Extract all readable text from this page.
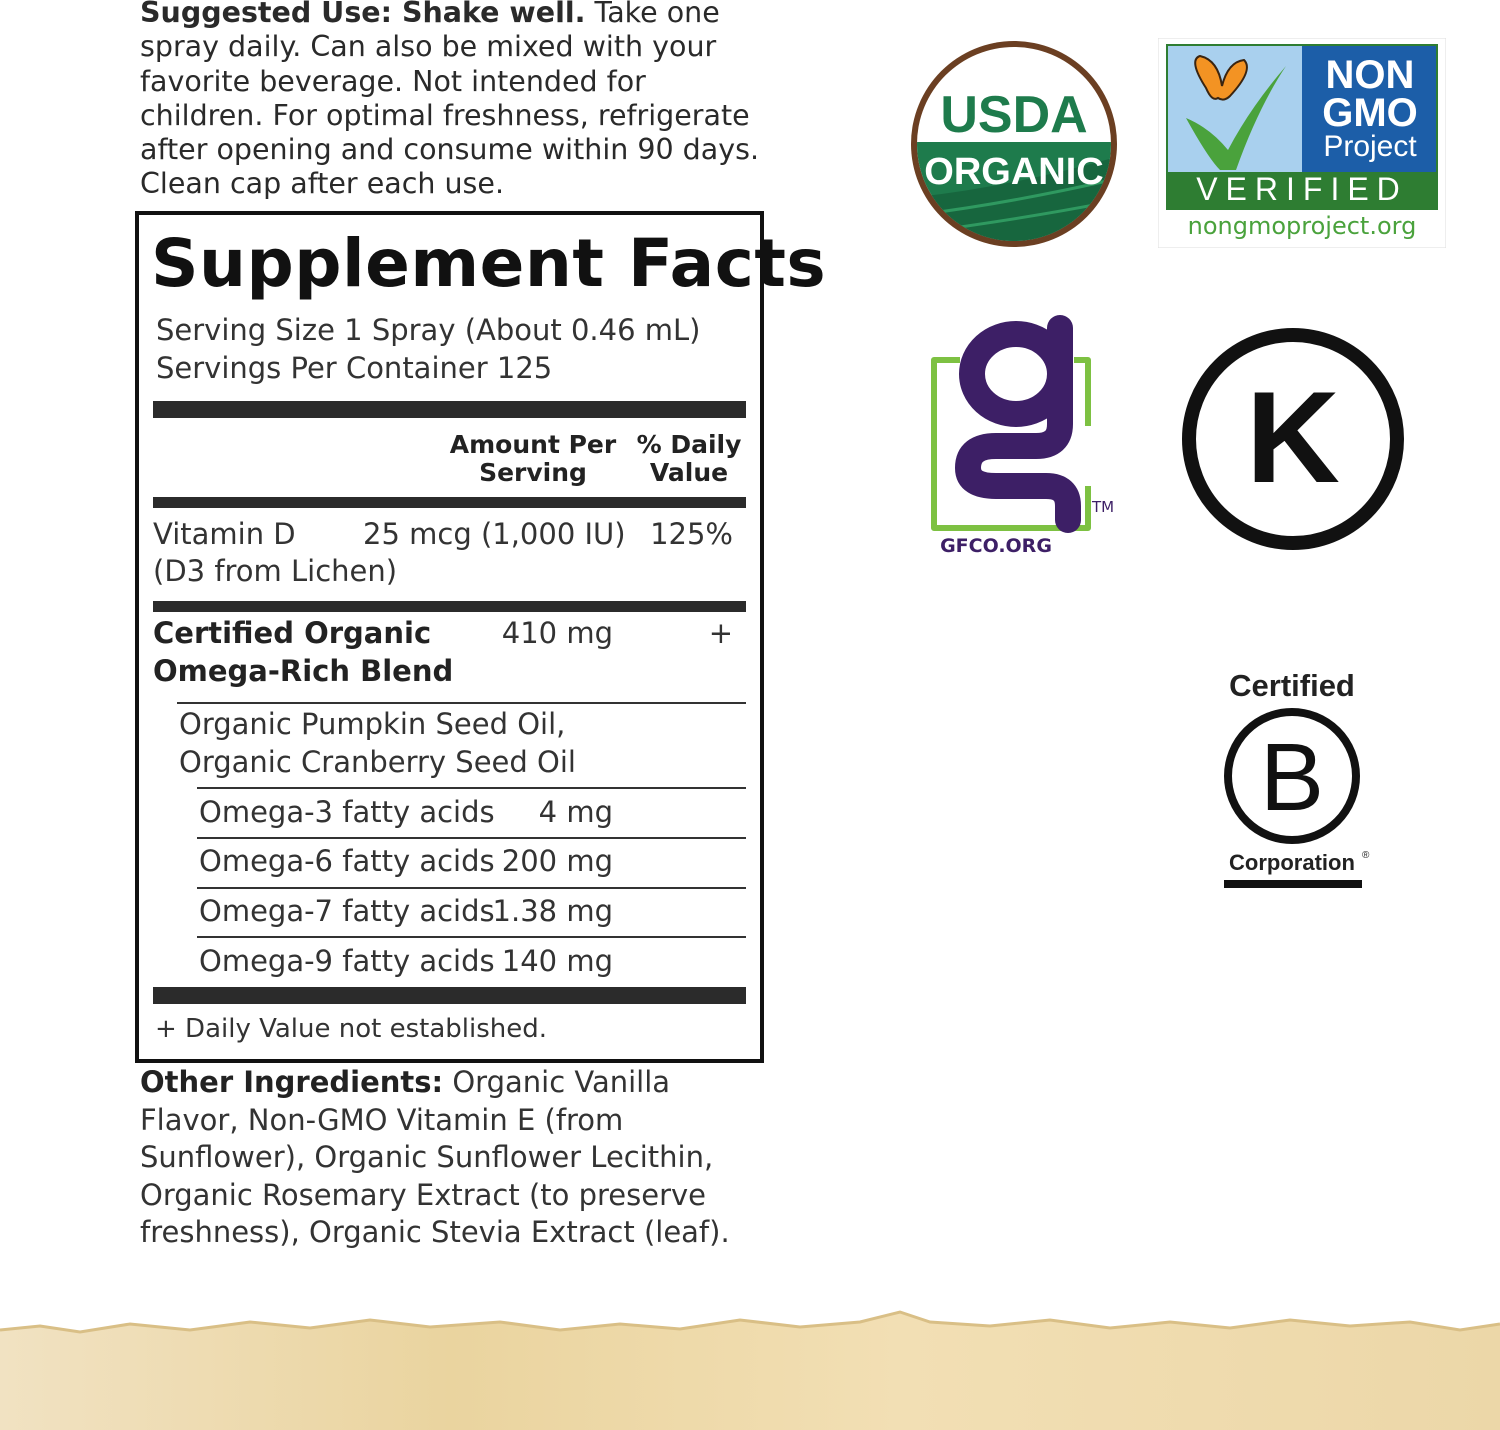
Suggested Use: Shake well. Take one spray daily. Can also be mixed with your favorite beverage. Not intended for children. For optimal freshness, refrigerate after opening and consume within 90 days. Clean cap after each use.
Supplement Facts
Serving Size 1 Spray (About 0.46 mL)
Servings Per Container 125
Amount Per Serving
% Daily Value
Vitamin D
(D3 from Lichen)
25 mcg (1,000 IU) 125%
Certified Organic
Omega-Rich Blend
410 mg	+
Organic Pumpkin Seed Oil,
Organic Cranberry Seed Oil
Omega-3 fatty acids	4 mg
Omega-6 fatty acids 200 mg
Omega-7 fatty acids
1.38 mg
Omega-9 fatty acids 140 mg
+ Daily Value not established.
Other Ingredients: Organic Vanilla Flavor, Non-GMO Vitamin E (from Sunflower), Organic Sunflower Lecithin, Organic Rosemary Extract (to preserve freshness), Organic Stevia Extract (leaf).
USDA
ORGANIC
NON
GMO
Project
VERIFIED
nongmoproject.org
TM
GFCO.ORG
K
Certified
B
Corporation ®
